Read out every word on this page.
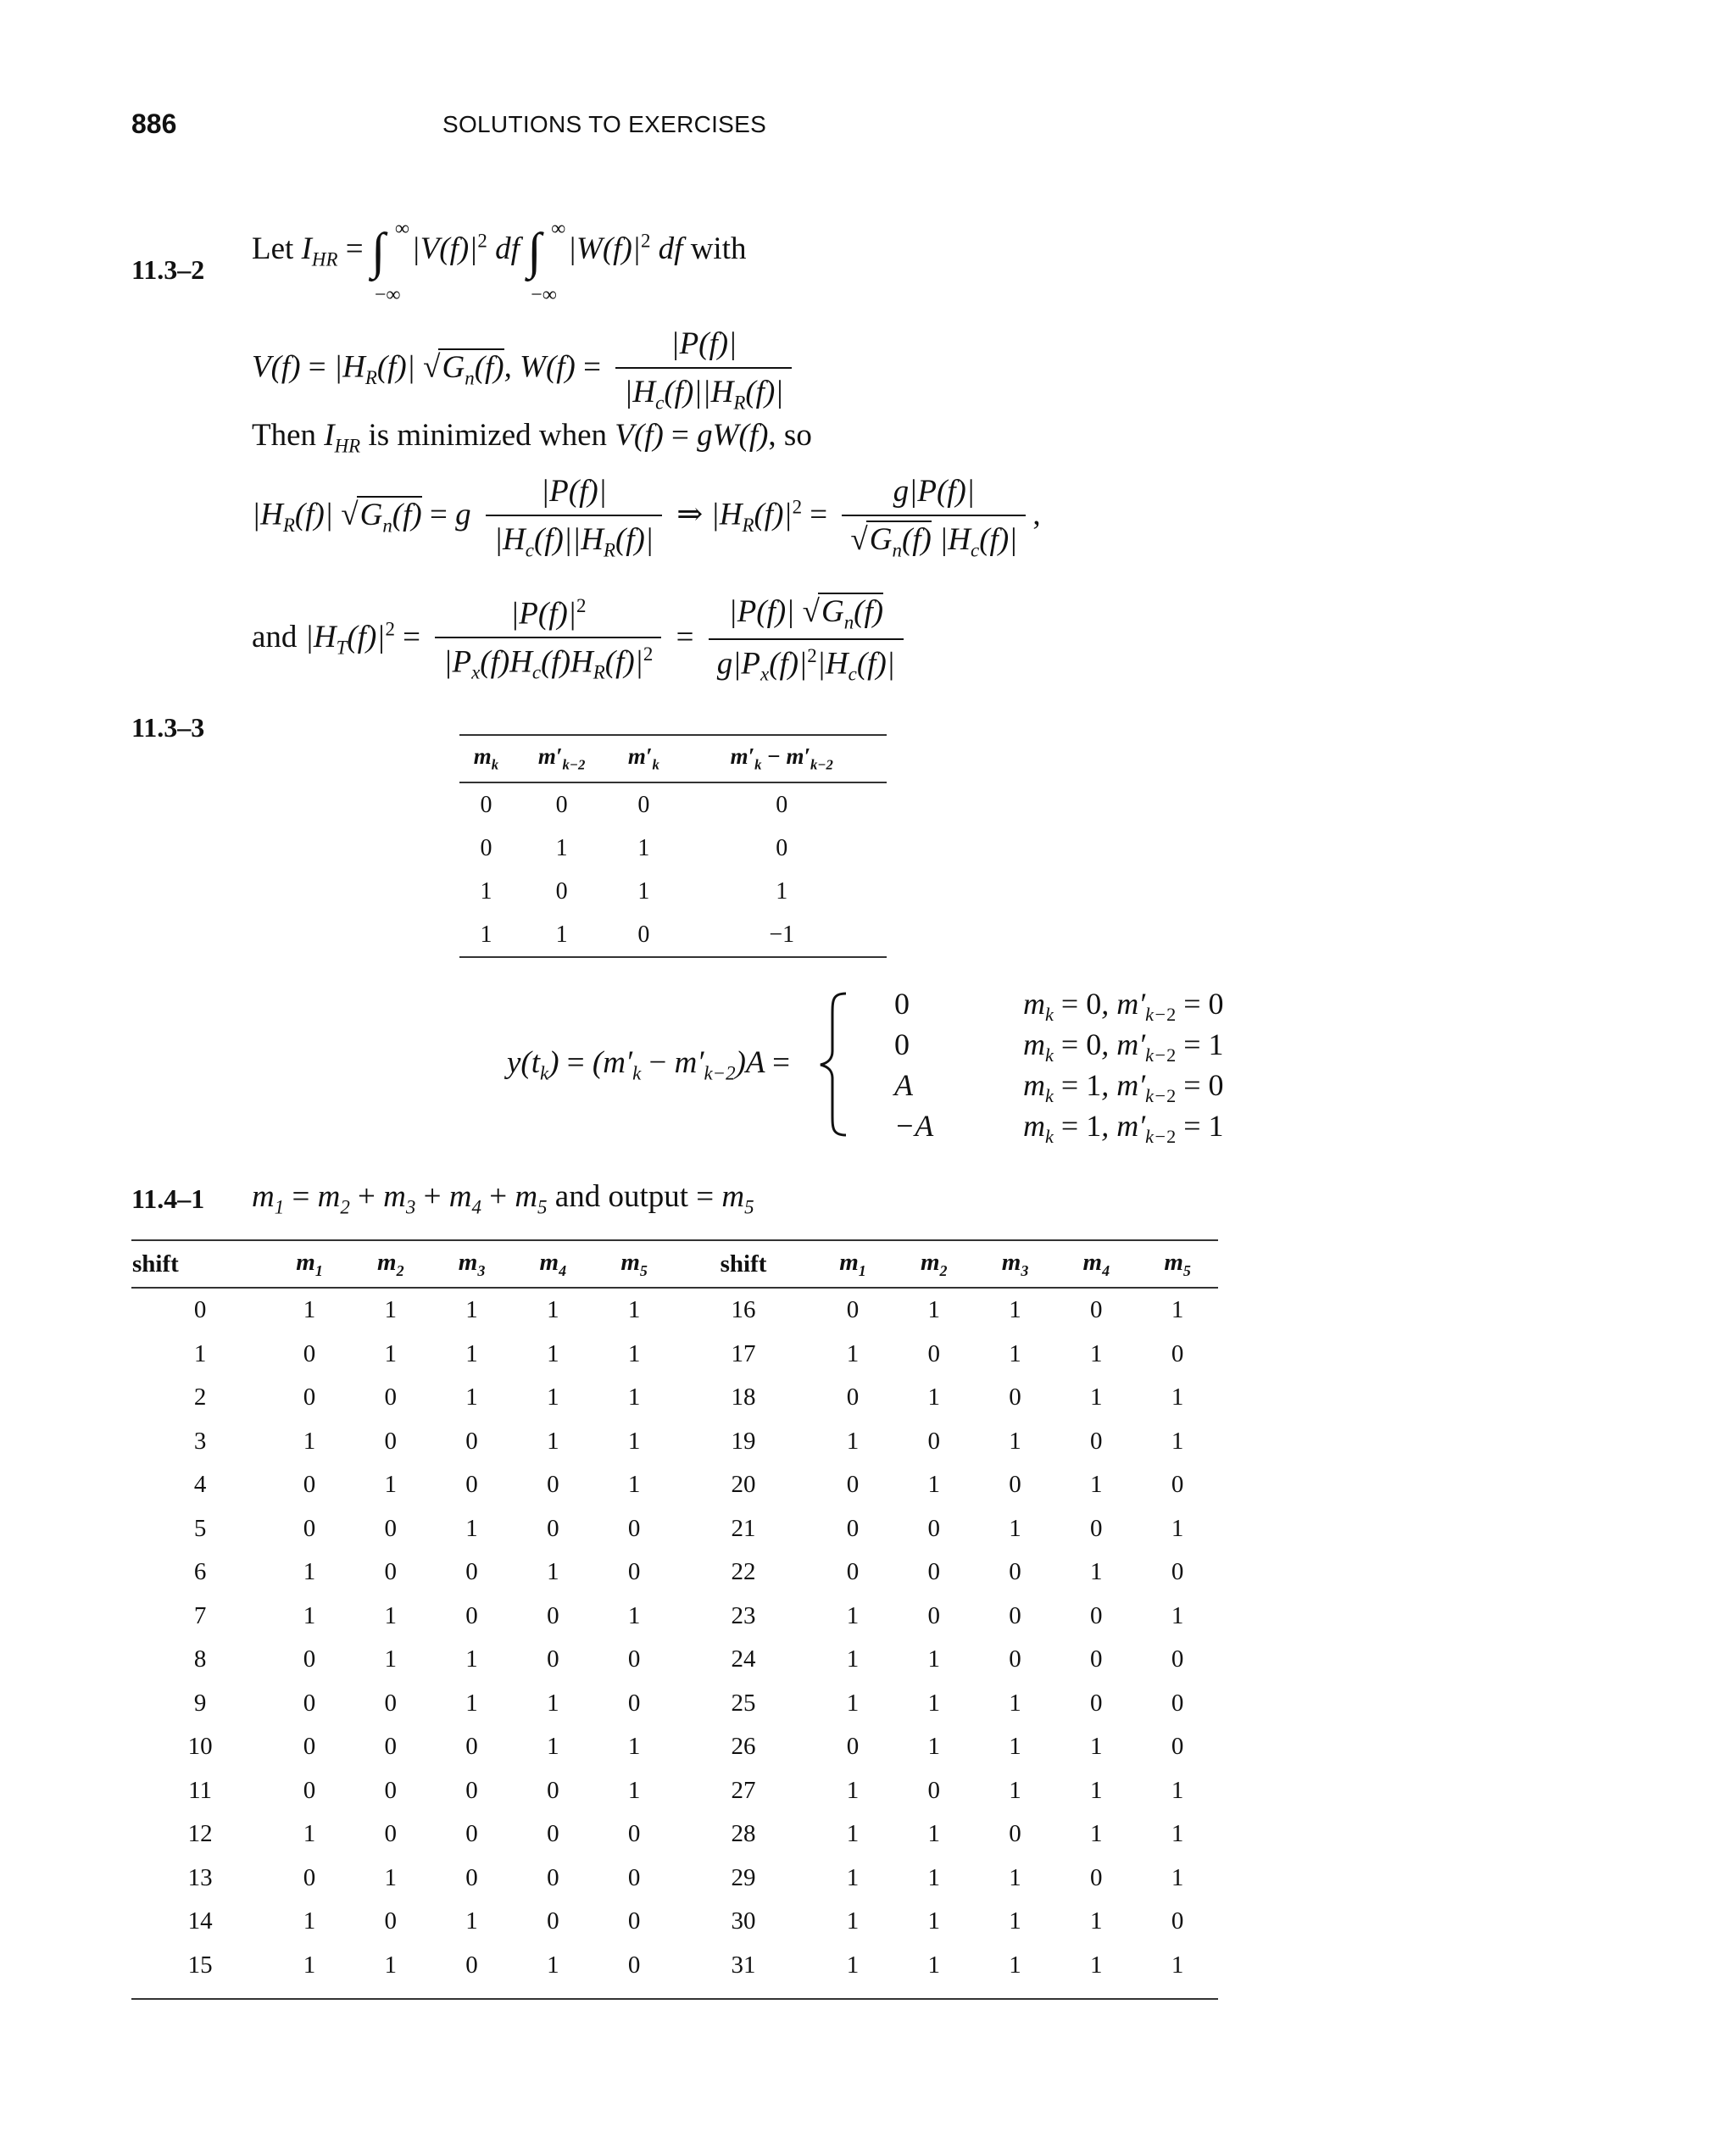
886	SOLUTIONS TO EXERCISES
11.3–2
Let $I_{HR}$ = ∫ ∞
−∞
$|V(f)|^2$ df ∫ ∞
−∞
$|W(f)|^2$ df with
$V(f) = |H_R(f)|$ $√G_n(f)$, $W(f) = \frac{|P(f)|}{|H_c(f)||H_R(f)|}$
Then $I_{HR}$ is minimized when V(f) = gW(f), so
$|H_R(f)|$ $√G_n(f) = g \frac{|P(f)|}{|H_c(f)||H_R(f)|}$ ⇒ $|H_R(f)|^2 = \frac{g|P(f)|}{√G_n(f) |H_c(f)|}$ ,
and $|H_T(f)|^2 = \frac{|P(f)|^2}{|P_x(f)H_c(f)H_R(f)|^2} = \frac{|P(f)| √G_n(f)}{g|P_x(f)|^2|H_c(f)|}$
11.3–3
$m_k$	$m'_{k-2}$	$m'_k$	$m'_k - m'_{k-2}$
0	0	0	0
0	1	1	0
1	0	1	1
1	1	0	−1
$y(t_k) = (m'_k - m'_{k-2})A$ =
0	$m_k = 0$, $m'_{k-2} = 0$
0	$m_k = 0$, $m'_{k-2} = 1$
A	$m_k = 1$, $m'_{k-2} = 0$
−A	$m_k = 1$, $m'_{k-2} = 1$
11.4–1 $m_1 = m_2 + m_3 + m_4 + m_5$ and output = $m_5$
shift	$m_1$	$m_2$	$m_3$	$m_4$	$m_5$	shift	$m_1$	$m_2$	$m_3$	$m_4$	$m_5$
0	1	1	1	1	1	16	0	1	1	0	1
1	0	1	1	1	1	17	1	0	1	1	0
2	0	0	1	1	1	18	0	1	0	1	1
3	1	0	0	1	1	19	1	0	1	0	1
4	0	1	0	0	1	20	0	1	0	1	0
5	0	0	1	0	0	21	0	0	1	0	1
6	1	0	0	1	0	22	0	0	0	1	0
7	1	1	0	0	1	23	1	0	0	0	1
8	0	1	1	0	0	24	1	1	0	0	0
9	0	0	1	1	0	25	1	1	1	0	0
10	0	0	0	1	1	26	0	1	1	1	0
11	0	0	0	0	1	27	1	0	1	1	1
12	1	0	0	0	0	28	1	1	0	1	1
13	0	1	0	0	0	29	1	1	1	0	1
14	1	0	1	0	0	30	1	1	1	1	0
15	1	1	0	1	0	31	1	1	1	1	1
